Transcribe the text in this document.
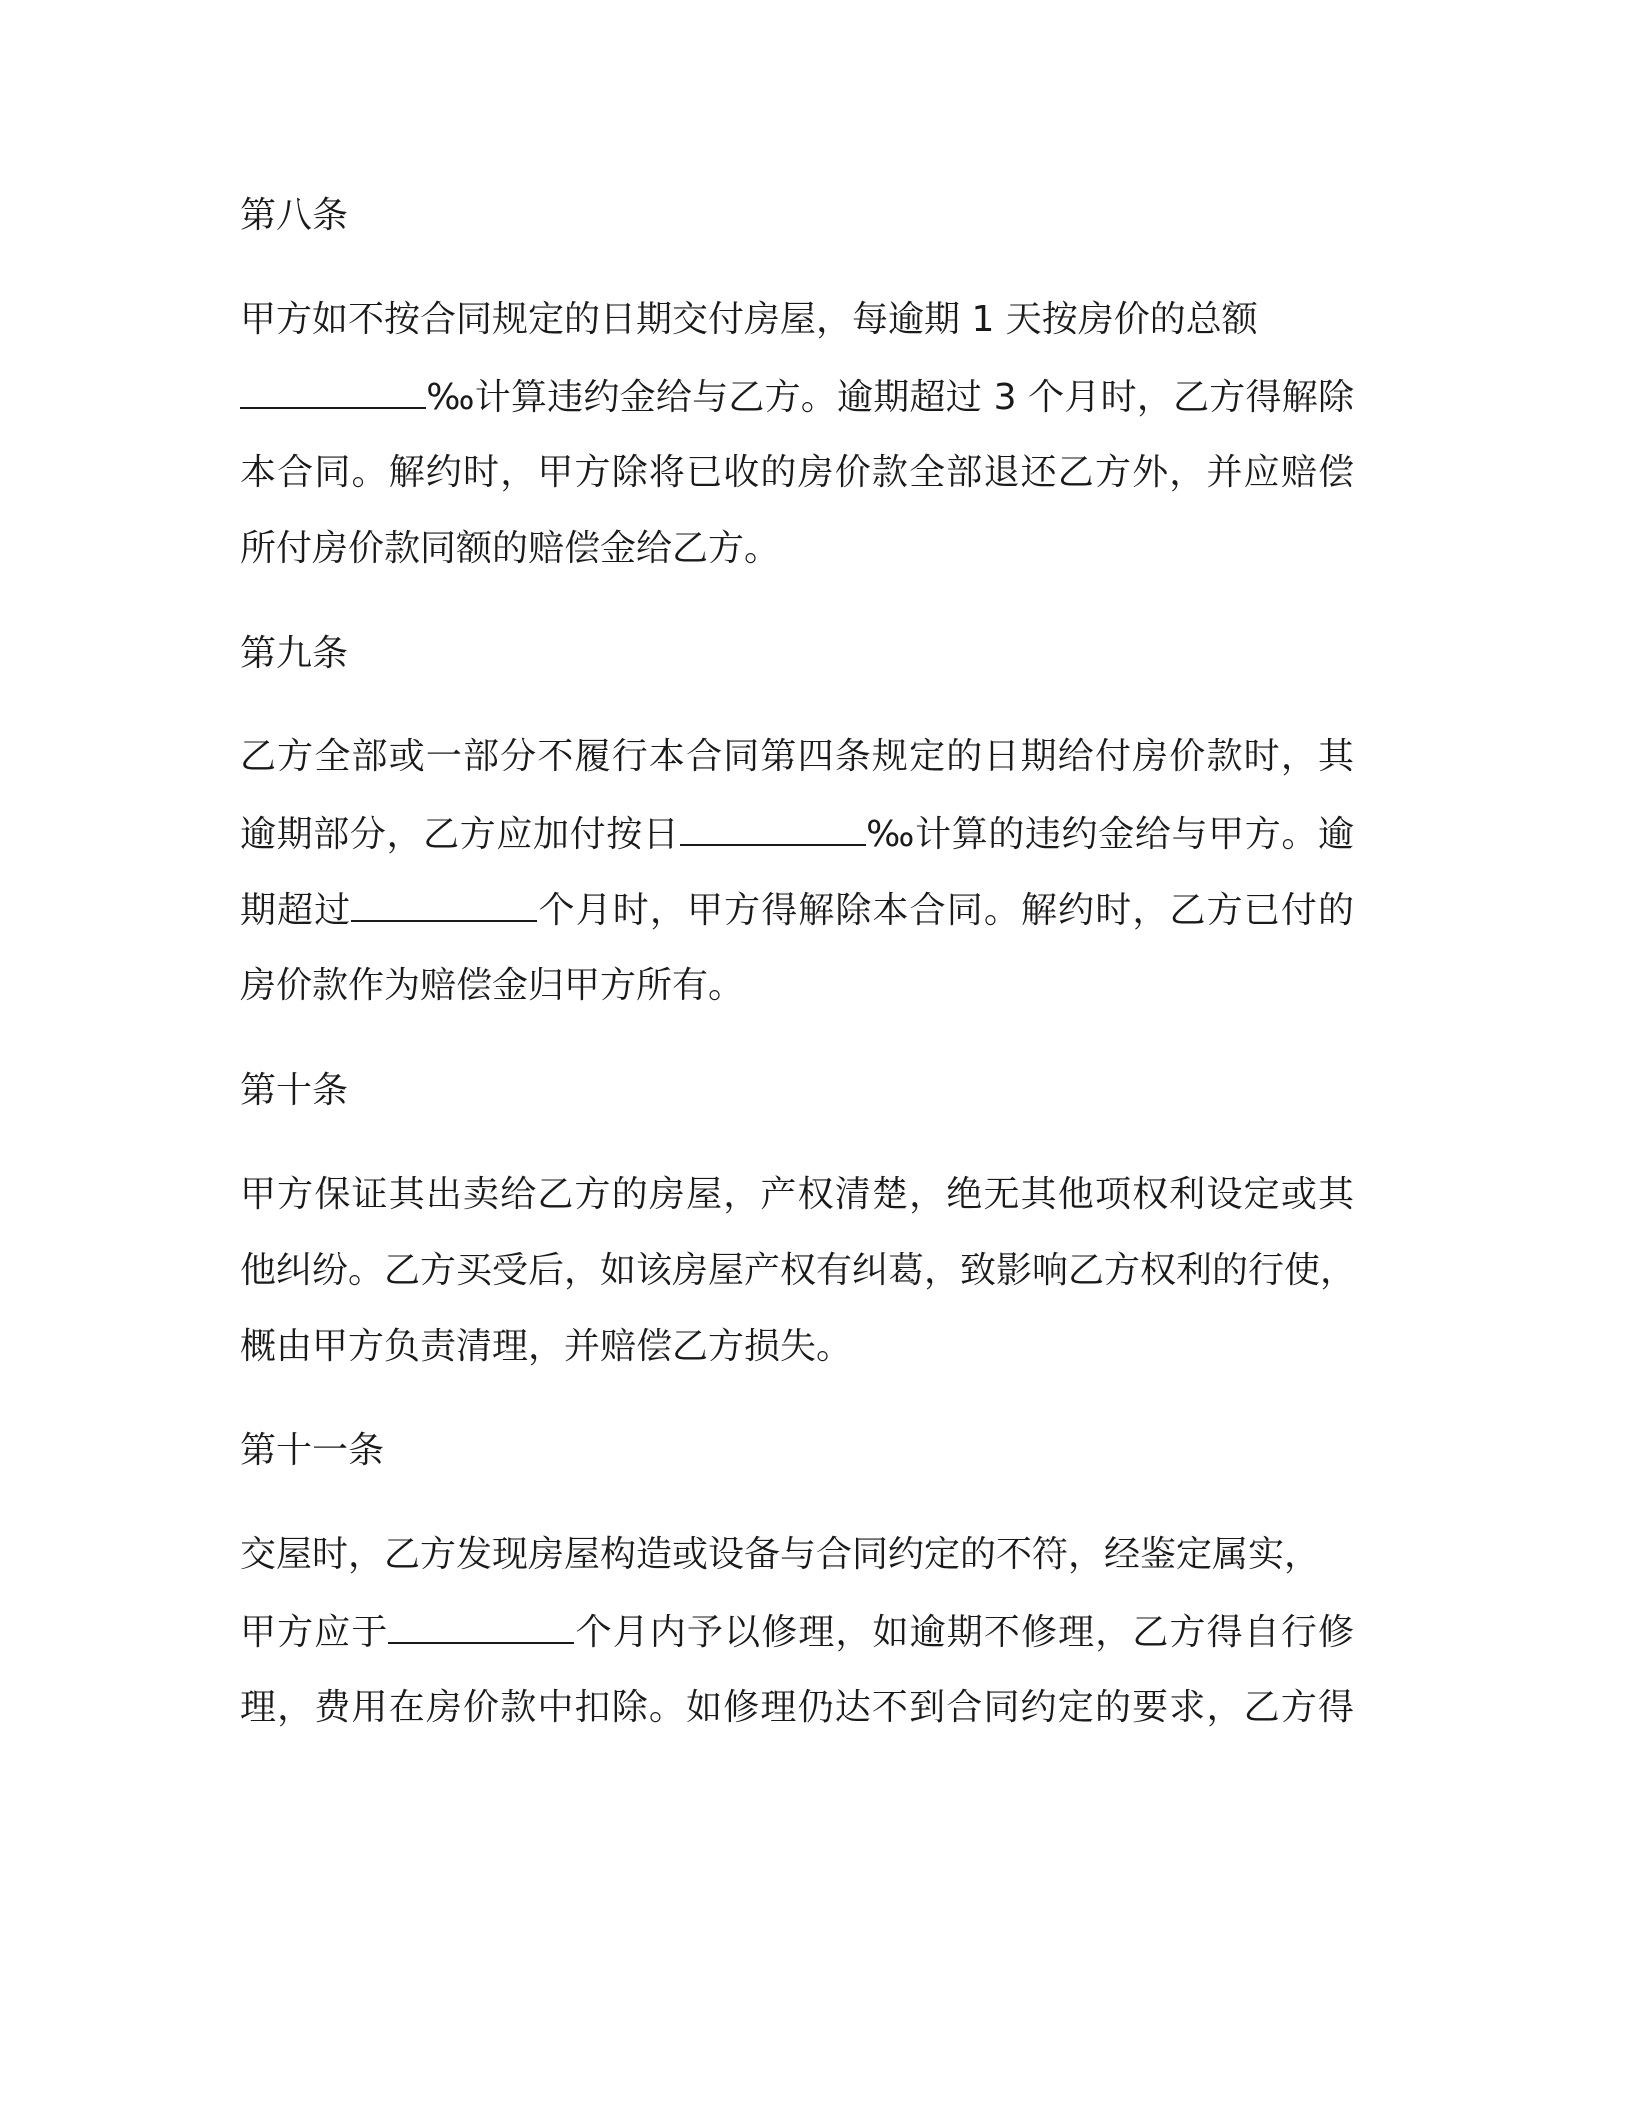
第八条

甲方如不按合同规定的日期交付房屋，每逾期 1 天按房价的总额

‰计算违约金给与乙方。逾期超过 3 个月时，乙方得解除

本合同。解约时，甲方除将已收的房价款全部退还乙方外，并应赔偿

所付房价款同额的赔偿金给乙方。

第九条

乙方全部或一部分不履行本合同第四条规定的日期给付房价款时，其

逾期部分，乙方应加付按日	‰计算的违约金给与甲方。逾

期超过	个月时，甲方得解除本合同。解约时，乙方已付的

房价款作为赔偿金归甲方所有。

第十条

甲方保证其出卖给乙方的房屋，产权清楚，绝无其他项权利设定或其

他纠纷。乙方买受后，如该房屋产权有纠葛，致影响乙方权利的行使，

概由甲方负责清理，并赔偿乙方损失。

第十一条

交屋时，乙方发现房屋构造或设备与合同约定的不符，经鉴定属实，

甲方应于	个月内予以修理，如逾期不修理，乙方得自行修

理，费用在房价款中扣除。如修理仍达不到合同约定的要求，乙方得
